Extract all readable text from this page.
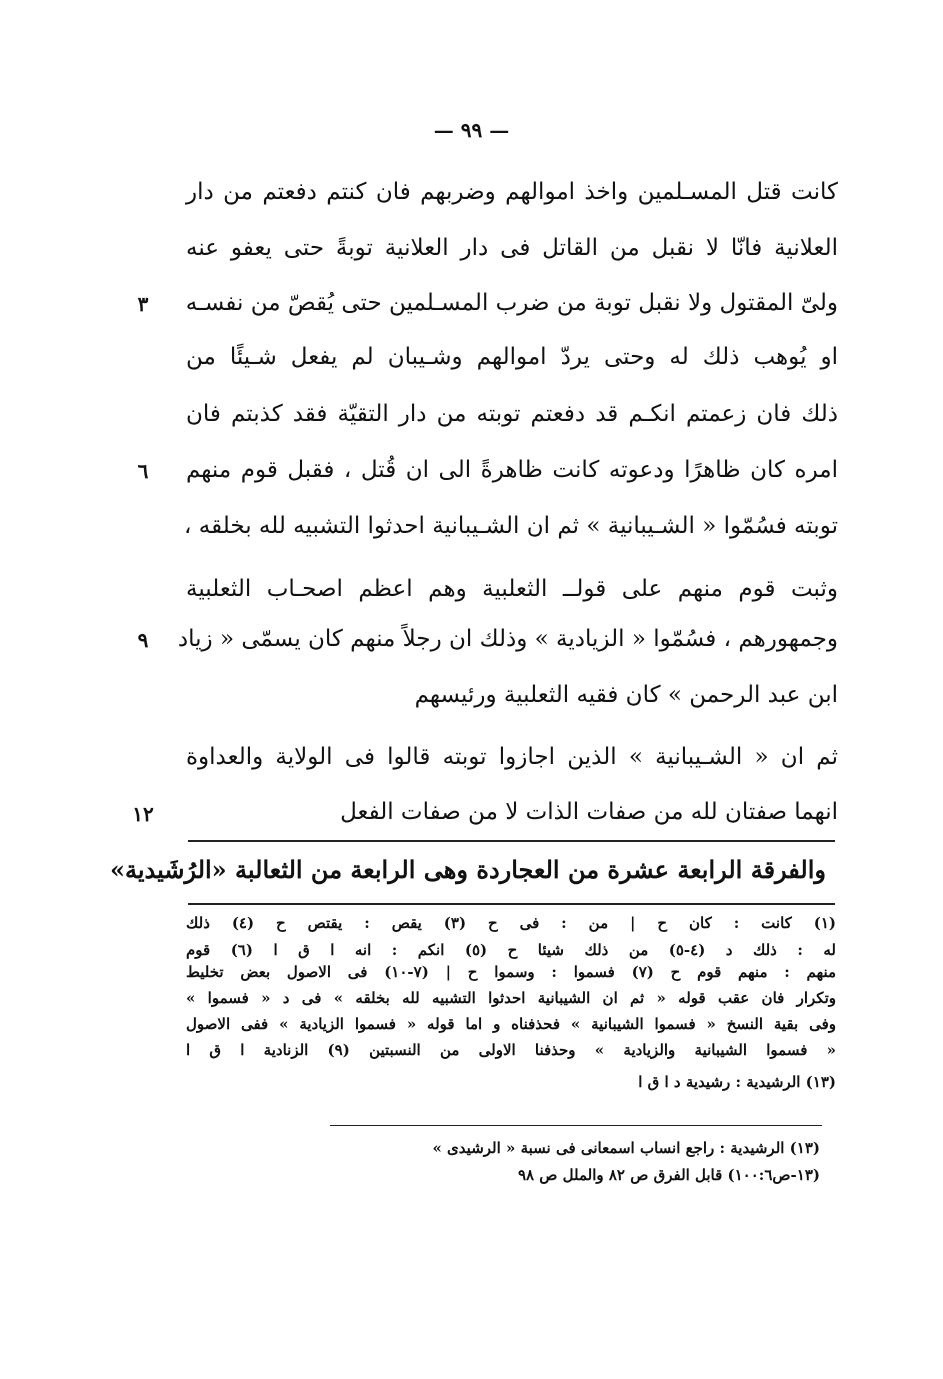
— ٩٩ —
كانت قتل المسـلمين واخذ اموالهم وضربهم فان كنتم دفعتم من دار
العلانية فانّا لا نقبل من القاتل فى دار العلانية توبةً حتى يعفو عنه
ولىّ المقتول ولا نقبل توبة من ضرب المسـلمين حتى يُقصّ من نفسـه
او يُوهب ذلك له وحتى يردّ اموالهم وشـيبان لم يفعل شـيئًا من
ذلك فان زعمتم انكـم قد دفعتم توبته من دار التقيّة فقد كذبتم فان
امره كان ظاهرًا ودعوته كانت ظاهرةً الى ان قُتل ، فقبل قوم منهم
توبته فسُمّوا « الشـيبانية » ثم ان الشـيبانية احدثوا التشبيه لله بخلقه ،
وثبت قوم منهم على قولــ الثعلبية وهم اعظم اصحـاب الثعلبية
وجمهورهم ، فسُمّوا « الزيادية » وذلك ان رجلاً منهم كان يسمّى « زياد
ابن عبد الرحمن » كان فقيه الثعلبية ورئيسهم
ثم ان « الشـيبانية » الذين اجازوا توبته قالوا فى الولاية والعداوة
انهما صفتان لله من صفات الذات لا من صفات الفعل
٣
٦
٩
١٢
والفرقة الرابعة عشرة من العجاردة وهى الرابعة من الثعالبة «الرُشَيدية»
(١) كانت : كان ح | من : فى ح (٣) يقص : يقتص ح (٤) ذلك
له : ذلك د (٤-٥) من ذلك شيئا ح (٥) انكم : انه ا ق ا (٦) قوم
منهم : منهم قوم ح (٧) فسموا : وسموا ح | (٧-١٠) فى الاصول بعض تخليط
وتكرار فان عقب قوله « ثم ان الشيبانية احدثوا التشبيه لله بخلقه » فى د « فسموا »
وفى بقية النسخ « فسموا الشيبانية » فحذفناه و اما قوله « فسموا الزيادية » ففى الاصول
« فسموا الشيبانية والزيادية » وحذفنا الاولى من النسبتين (٩) الزنادية ا ق ا
(١٣) الرشيدية : رشيدية د ا ق ا
(١٣) الرشيدية : راجع انساب اسمعانى فى نسبة « الرشيدى »
(١٣-ص١٠٠:٦) قابل الفرق ص ٨٢ والملل ص ٩٨
